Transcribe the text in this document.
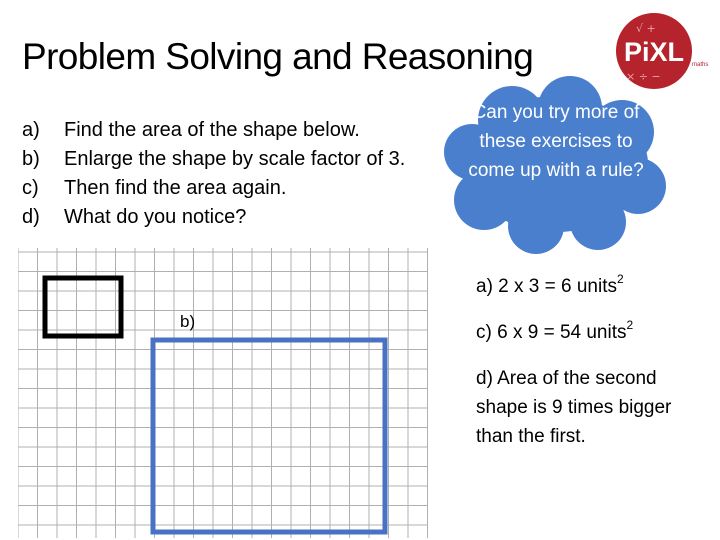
Problem Solving and Reasoning
√ +
× ÷ −
PiXL maths
a)	Find the area of the shape below.
b)	Enlarge the shape by scale factor of 3.
c)	Then find the area again.
d)	What do you notice?
Can you try more of these exercises to come up with a rule?
b)
a) 2 x 3 = 6 units$^2$
c) 6 x 9 = 54 units$^2$
d) Area of the second shape is 9 times bigger than the first.
